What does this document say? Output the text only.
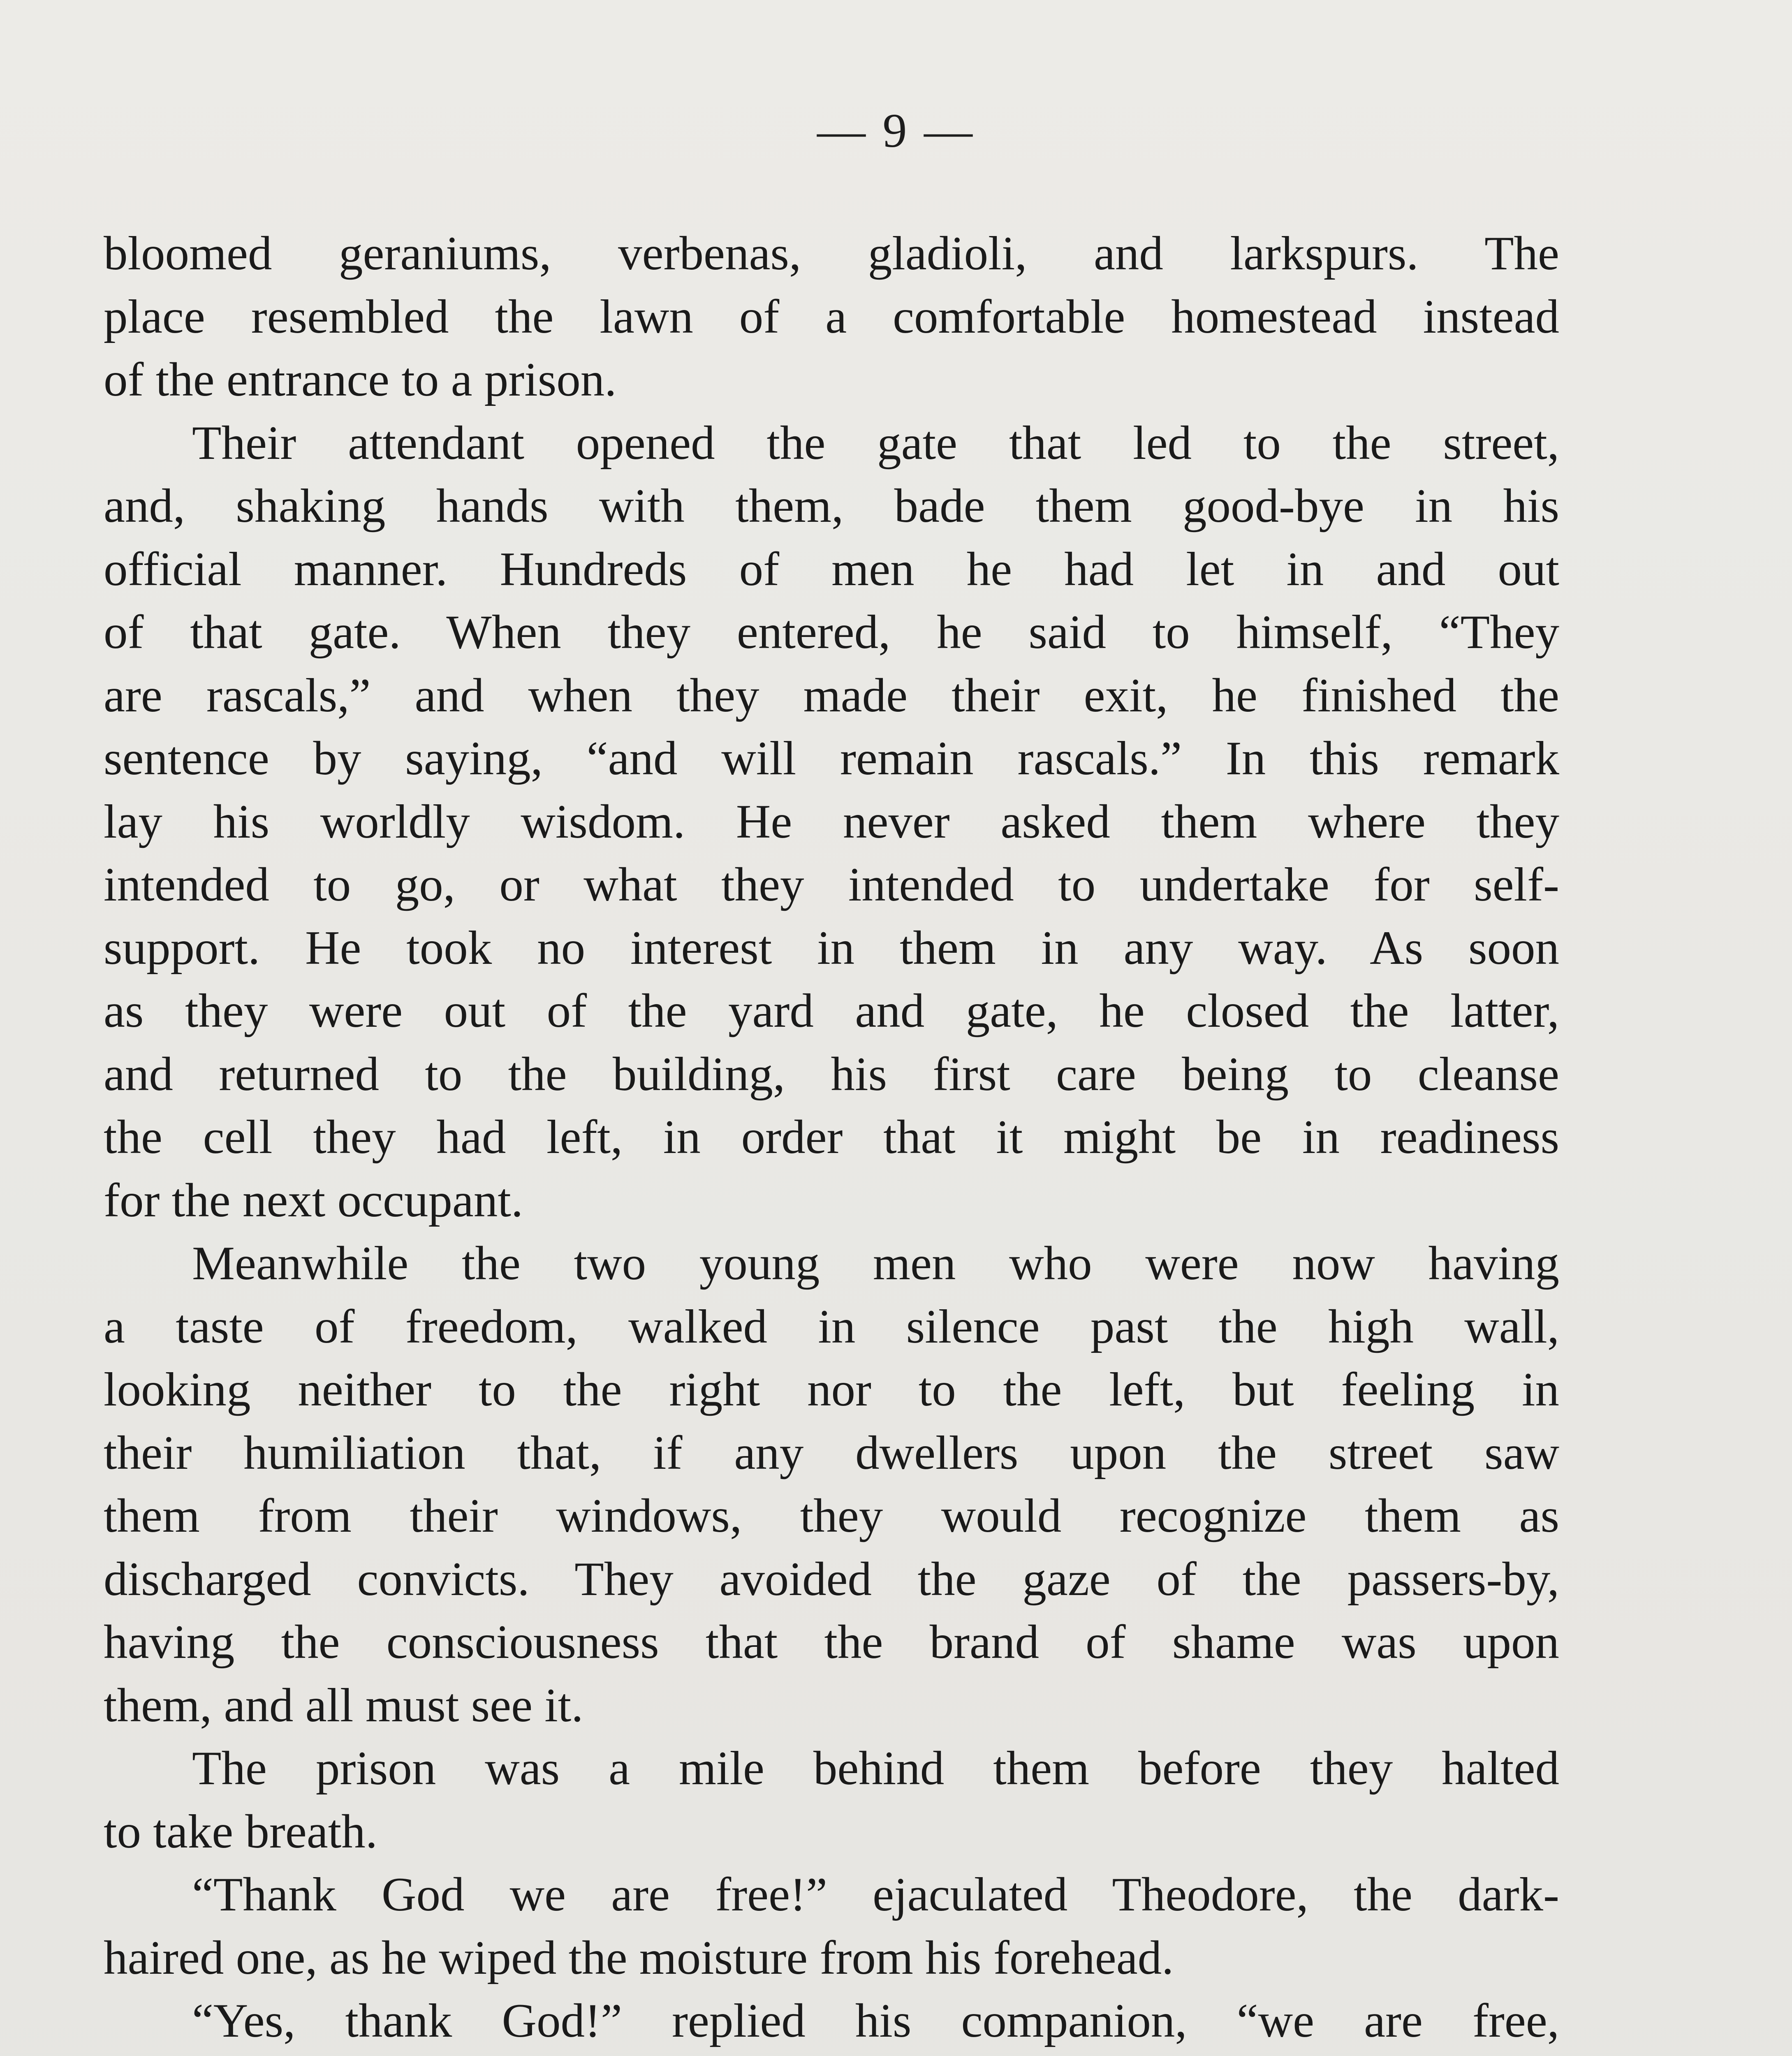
— 9 —
bloomed geraniums, verbenas, gladioli, and larkspurs. The
place resembled the lawn of a comfortable homestead instead
of the entrance to a prison.
Their attendant opened the gate that led to the street,
and, shaking hands with them, bade them good-bye in his
official manner. Hundreds of men he had let in and out
of that gate. When they entered, he said to himself, “They
are rascals,” and when they made their exit, he finished the
sentence by saying, “and will remain rascals.” In this remark
lay his worldly wisdom. He never asked them where they
intended to go, or what they intended to undertake for self-
support. He took no interest in them in any way. As soon
as they were out of the yard and gate, he closed the latter,
and returned to the building, his first care being to cleanse
the cell they had left, in order that it might be in readiness
for the next occupant.
Meanwhile the two young men who were now having
a taste of freedom, walked in silence past the high wall,
looking neither to the right nor to the left, but feeling in
their humiliation that, if any dwellers upon the street saw
them from their windows, they would recognize them as
discharged convicts. They avoided the gaze of the passers-by,
having the consciousness that the brand of shame was upon
them, and all must see it.
The prison was a mile behind them before they halted
to take breath.
“Thank God we are free!” ejaculated Theodore, the dark-
haired one, as he wiped the moisture from his forehead.
“Yes, thank God!” replied his companion, “we are free,
